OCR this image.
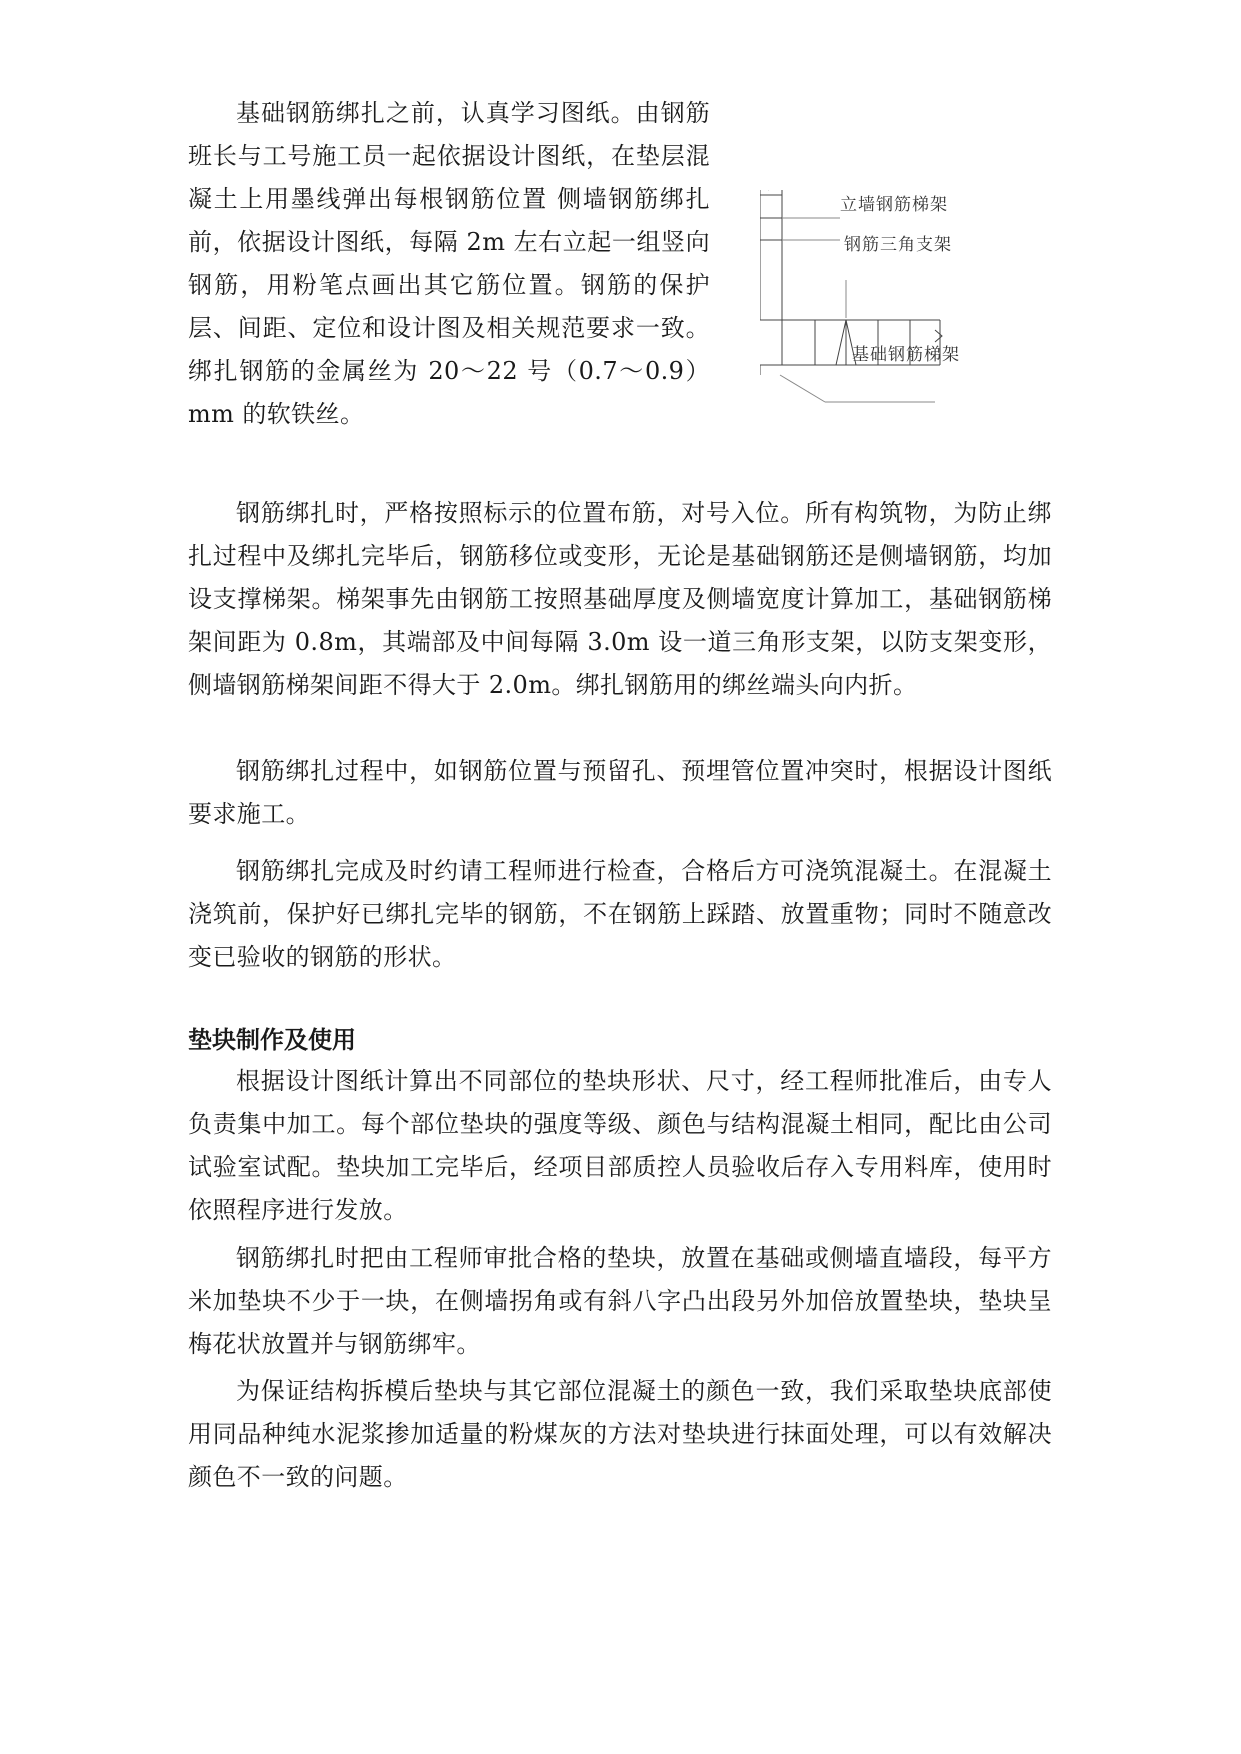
基础钢筋绑扎之前，认真学习图纸。由钢筋班长与工号施工员一起依据设计图纸，在垫层混凝土上用墨线弹出每根钢筋位置 侧墙钢筋绑扎前，依据设计图纸，每隔 2m 左右立起一组竖向钢筋，用粉笔点画出其它筋位置。钢筋的保护层、间距、定位和设计图及相关规范要求一致。绑扎钢筋的金属丝为 20～22 号（0.7～0.9）mm 的软铁丝。

立墙钢筋梯架
钢筋三角支架
基础钢筋梯架

钢筋绑扎时，严格按照标示的位置布筋，对号入位。所有构筑物，为防止绑扎过程中及绑扎完毕后，钢筋移位或变形，无论是基础钢筋还是侧墙钢筋，均加设支撑梯架。梯架事先由钢筋工按照基础厚度及侧墙宽度计算加工，基础钢筋梯架间距为 0.8m，其端部及中间每隔 3.0m 设一道三角形支架，以防支架变形，侧墙钢筋梯架间距不得大于 2.0m。绑扎钢筋用的绑丝端头向内折。

钢筋绑扎过程中，如钢筋位置与预留孔、预埋管位置冲突时，根据设计图纸要求施工。

钢筋绑扎完成及时约请工程师进行检查，合格后方可浇筑混凝土。在混凝土浇筑前，保护好已绑扎完毕的钢筋，不在钢筋上踩踏、放置重物；同时不随意改变已验收的钢筋的形状。

垫块制作及使用

根据设计图纸计算出不同部位的垫块形状、尺寸，经工程师批准后，由专人负责集中加工。每个部位垫块的强度等级、颜色与结构混凝土相同，配比由公司试验室试配。垫块加工完毕后，经项目部质控人员验收后存入专用料库，使用时依照程序进行发放。

钢筋绑扎时把由工程师审批合格的垫块，放置在基础或侧墙直墙段，每平方米加垫块不少于一块，在侧墙拐角或有斜八字凸出段另外加倍放置垫块，垫块呈梅花状放置并与钢筋绑牢。

为保证结构拆模后垫块与其它部位混凝土的颜色一致，我们采取垫块底部使用同品种纯水泥浆掺加适量的粉煤灰的方法对垫块进行抹面处理，可以有效解决颜色不一致的问题。
